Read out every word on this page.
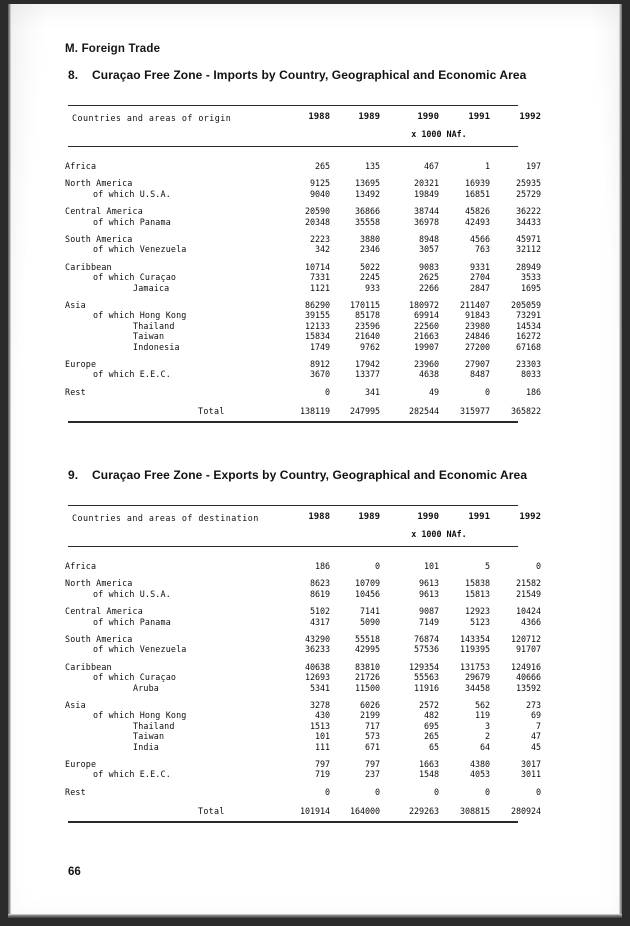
M. Foreign Trade
8. Curaçao Free Zone - Imports by Country, Geographical and Economic Area
Countries and areas of origin	1988	1989	1990	1991	1992
x 1000 NAf.
Africa	265	135	467	1	197
North America	9125	13695	20321	16939	25935
of which U.S.A.	9040	13492	19849	16851	25729
Central America	20590	36866	38744	45826	36222
of which Panama	20348	35558	36978	42493	34433
South America	2223	3880	8948	4566	45971
of which Venezuela	342	2346	3057	763	32112
Caribbean	10714	5022	9083	9331	28949
of which Curaçao	7331	2245	2625	2704	3533
Jamaica	1121	933	2266	2847	1695
Asia	86290	170115	180972	211407	205059
of which Hong Kong	39155	85178	69914	91843	73291
Thailand	12133	23596	22560	23980	14534
Taiwan	15834	21640	21663	24846	16272
Indonesia	1749	9762	19907	27200	67168
Europe	8912	17942	23960	27907	23303
of which E.E.C.	3670	13377	4638	8487	8033
Rest	0	341	49	0	186
Total	138119	247995	282544	315977	365822
9. Curaçao Free Zone - Exports by Country, Geographical and Economic Area
Countries and areas of destination	1988	1989	1990	1991	1992
x 1000 NAf.
Africa	186	0	101	5	0
North America	8623	10709	9613	15838	21582
of which U.S.A.	8619	10456	9613	15813	21549
Central America	5102	7141	9087	12923	10424
of which Panama	4317	5090	7149	5123	4366
South America	43290	55518	76874	143354	120712
of which Venezuela	36233	42995	57536	119395	91707
Caribbean	40638	83810	129354	131753	124916
of which Curaçao	12693	21726	55563	29679	40666
Aruba	5341	11500	11916	34458	13592
Asia	3278	6026	2572	562	273
of which Hong Kong	430	2199	482	119	69
Thailand	1513	717	695	3	7
Taiwan	101	573	265	2	47
India	111	671	65	64	45
Europe	797	797	1663	4380	3017
of which E.E.C.	719	237	1548	4053	3011
Rest	0	0	0	0	0
Total	101914	164000	229263	308815	280924
66
